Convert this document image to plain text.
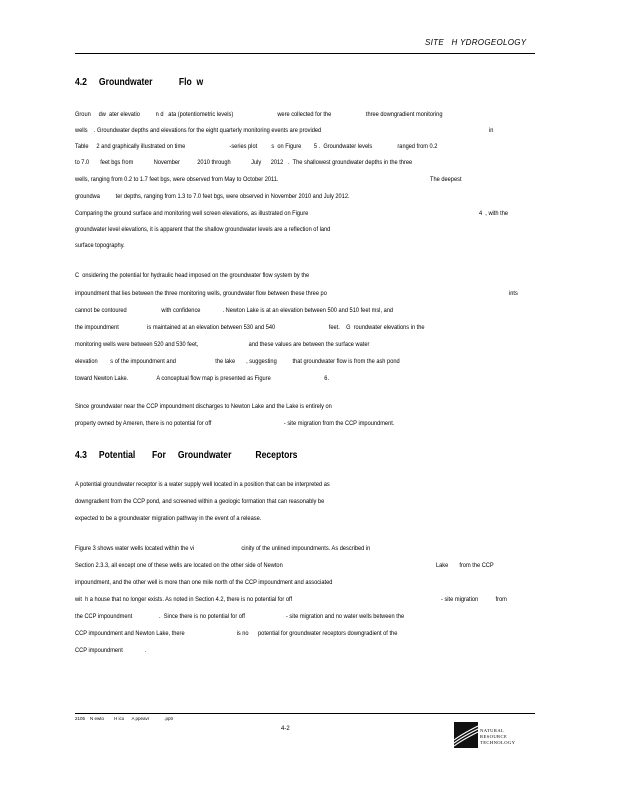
SITE   H YDROGEOLOGY
4.2     Groundwater           Flo  w
Groun     dw  ater elevatio          n d   ata (potentiometric levels)                            were collected for the                      three downgradient monitoring
wells    . Groundwater depths and elevations for the eight quarterly monitoring events are provided	in
Table     2 and graphically illustrated on time                            -series plot         s  on Figure        5 .  Groundwater levels                ranged from 0.2
to 7.0       feet bgs from             November           2010 through             July      2012   .  The shallowest groundwater depths in the three
wells, ranging from 0.2 to 1.7 feet bgs, were observed from May to October 2011.	The deepest
groundwa          ter depths, ranging from 1.3 to 7.0 feet bgs, were observed in November 2010 and July 2012.
Comparing the ground surface and monitoring well screen elevations, as illustrated on Figure	4  , with the
groundwater level elevations, it is apparent that the shallow groundwater levels are a reflection of land
surface topography.
C  onsidering the potential for hydraulic head imposed on the groundwater flow system by the
impoundment that lies between the three monitoring wells, groundwater flow between these three po	ints
cannot be contoured                      with confidence              . Newton Lake is at an elevation between 500 and 510 feet msl, and
the impoundment                  is maintained at an elevation between 530 and 540                                  feet.    G  roundwater elevations in the
monitoring wells were between 520 and 530 feet,                                and these values are between the surface water
elevation        s of the impoundment and                         the lake       , suggesting          that groundwater flow is from the ash pond
toward Newton Lake.                  A conceptual flow map is presented as Figure                                  6.
Since groundwater near the CCP impoundment discharges to Newton Lake and the Lake is entirely on
property owned by Ameren, there is no potential for off                                              - site migration from the CCP impoundment.
4.3     Potential       For     Groundwater          Receptors
A potential groundwater receptor is a water supply well located in a position that can be interpreted as
downgradient from the CCP pond, and screened within a geologic formation that can reasonably be
expected to be a groundwater migration pathway in the event of a release.
Figure 3 shows water wells located within the vi                              cinity of the unlined impoundments. As described in
Section 2.3.3, all except one of these wells are located on the other side of Newton	Lake       from the CCP
impoundment, and the other well is more than one mile north of the CCP impoundment and associated
wit  h a house that no longer exists. As noted in Section 4.2, there is no potential for off	- site migration           from
the CCP impoundment                 .  Since there is no potential for off                          - site migration and no water wells between the
CCP impoundment and Newton Lake, there                                 is no      potential for groundwater receptors downgradient of the
CCP impoundment              .
2105    N ewto        H ico      A ppeavr            .pptr
4-2

	NATURAL

RESOURCE

TECHNOLOGY
